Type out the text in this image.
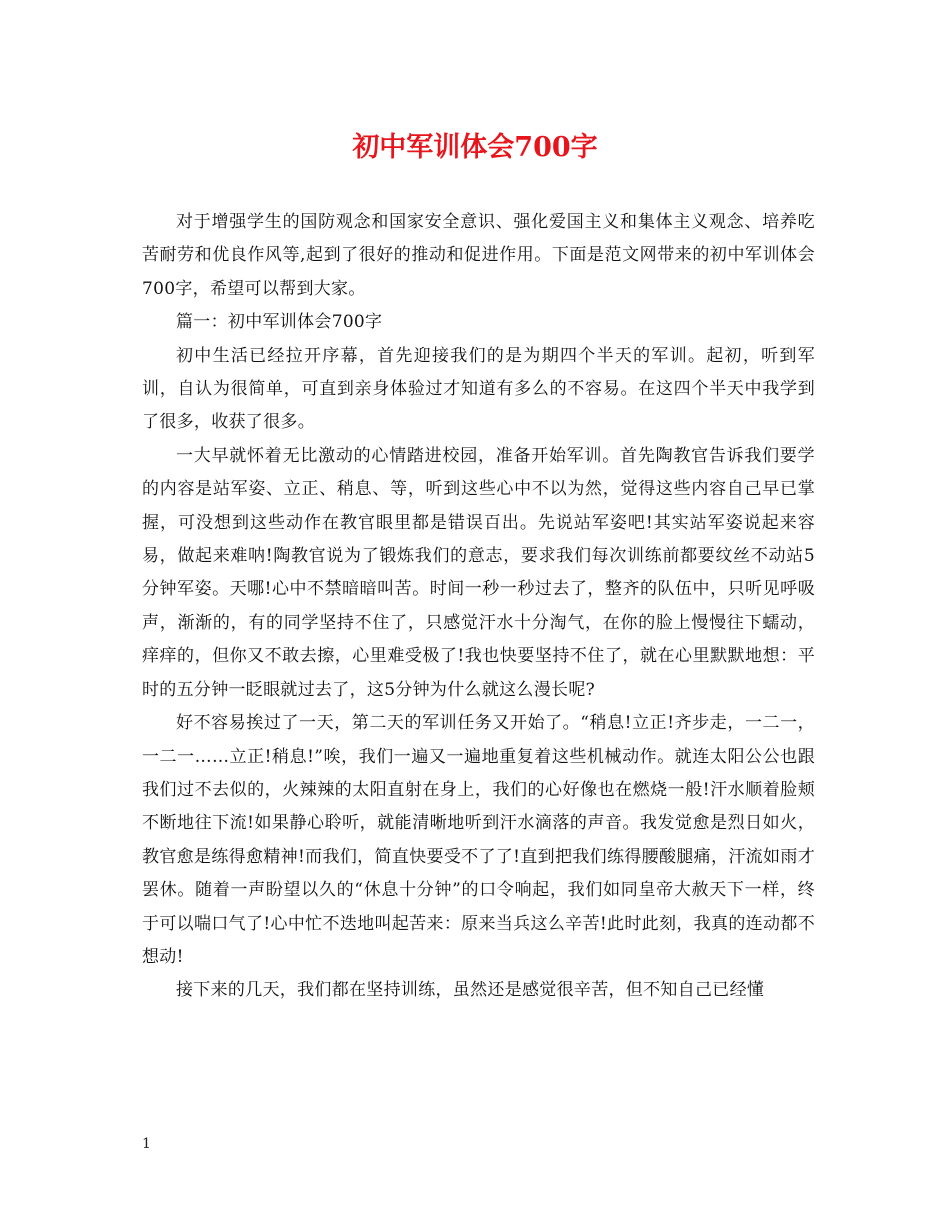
初中军训体会700字

对于增强学生的国防观念和国家安全意识、强化爱国主义和集体主义观念、培养吃苦耐劳和优良作风等,起到了很好的推动和促进作用。下面是范文网带来的初中军训体会700字，希望可以帮到大家。

篇一：初中军训体会700字

初中生活已经拉开序幕，首先迎接我们的是为期四个半天的军训。起初，听到军训，自认为很简单，可直到亲身体验过才知道有多么的不容易。在这四个半天中我学到了很多，收获了很多。

一大早就怀着无比激动的心情踏进校园，准备开始军训。首先陶教官告诉我们要学的内容是站军姿、立正、稍息、等，听到这些心中不以为然，觉得这些内容自己早已掌握，可没想到这些动作在教官眼里都是错误百出。先说站军姿吧!其实站军姿说起来容易，做起来难呐!陶教官说为了锻炼我们的意志，要求我们每次训练前都要纹丝不动站5分钟军姿。天哪!心中不禁暗暗叫苦。时间一秒一秒过去了，整齐的队伍中，只听见呼吸声，渐渐的，有的同学坚持不住了，只感觉汗水十分淘气，在你的脸上慢慢往下蠕动，痒痒的，但你又不敢去擦，心里难受极了!我也快要坚持不住了，就在心里默默地想：平时的五分钟一眨眼就过去了，这5分钟为什么就这么漫长呢?

好不容易挨过了一天，第二天的军训任务又开始了。“稍息!立正!齐步走，一二一，一二一……立正!稍息!”唉，我们一遍又一遍地重复着这些机械动作。就连太阳公公也跟我们过不去似的，火辣辣的太阳直射在身上，我们的心好像也在燃烧一般!汗水顺着脸颊不断地往下流!如果静心聆听，就能清晰地听到汗水滴落的声音。我发觉愈是烈日如火，教官愈是练得愈精神!而我们，简直快要受不了了!直到把我们练得腰酸腿痛，汗流如雨才罢休。随着一声盼望以久的“休息十分钟”的口令响起，我们如同皇帝大赦天下一样，终于可以喘口气了!心中忙不迭地叫起苦来：原来当兵这么辛苦!此时此刻，我真的连动都不想动!

接下来的几天，我们都在坚持训练，虽然还是感觉很辛苦，但不知自己已经懂

1
